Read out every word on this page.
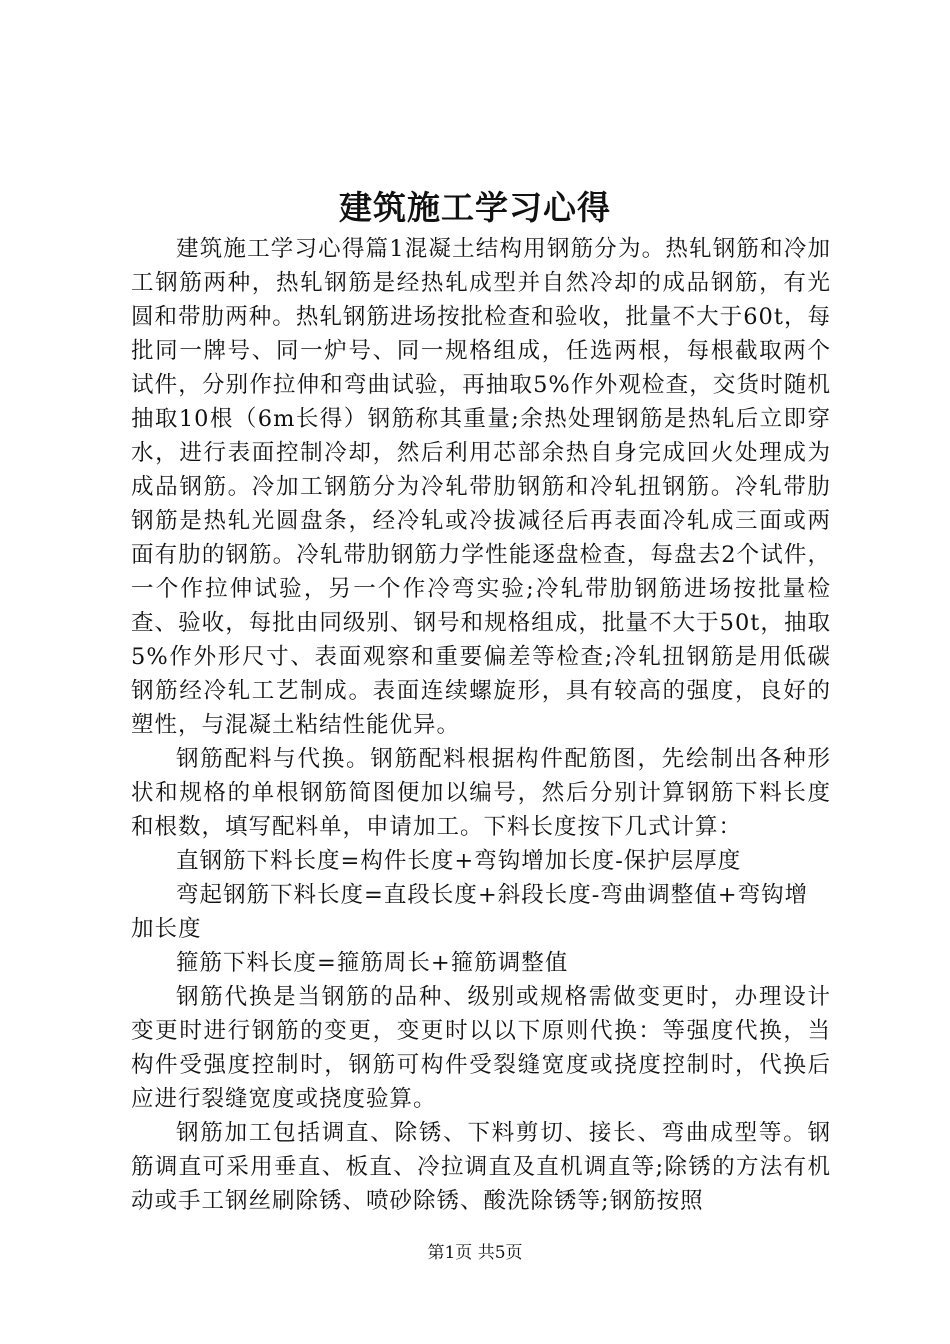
建筑施工学习心得

建筑施工学习心得篇1混凝土结构用钢筋分为。热轧钢筋和冷加工钢筋两种，热轧钢筋是经热轧成型并自然冷却的成品钢筋，有光圆和带肋两种。热轧钢筋进场按批检查和验收，批量不大于60t，每批同一牌号、同一炉号、同一规格组成，任选两根，每根截取两个试件，分别作拉伸和弯曲试验，再抽取5%作外观检查，交货时随机抽取10根（6m长得）钢筋称其重量;余热处理钢筋是热轧后立即穿水，进行表面控制冷却，然后利用芯部余热自身完成回火处理成为成品钢筋。冷加工钢筋分为冷轧带肋钢筋和冷轧扭钢筋。冷轧带肋钢筋是热轧光圆盘条，经冷轧或冷拔减径后再表面冷轧成三面或两面有肋的钢筋。冷轧带肋钢筋力学性能逐盘检查，每盘去2个试件，一个作拉伸试验，另一个作冷弯实验;冷轧带肋钢筋进场按批量检查、验收，每批由同级别、钢号和规格组成，批量不大于50t，抽取5%作外形尺寸、表面观察和重要偏差等检查;冷轧扭钢筋是用低碳钢筋经冷轧工艺制成。表面连续螺旋形，具有较高的强度，良好的塑性，与混凝土粘结性能优异。

钢筋配料与代换。钢筋配料根据构件配筋图，先绘制出各种形状和规格的单根钢筋简图便加以编号，然后分别计算钢筋下料长度和根数，填写配料单，申请加工。下料长度按下几式计算：

直钢筋下料长度=构件长度+弯钩增加长度-保护层厚度

弯起钢筋下料长度=直段长度+斜段长度-弯曲调整值+弯钩增加长度

箍筋下料长度=箍筋周长+箍筋调整值

钢筋代换是当钢筋的品种、级别或规格需做变更时，办理设计变更时进行钢筋的变更，变更时以以下原则代换：等强度代换，当构件受强度控制时，钢筋可构件受裂缝宽度或挠度控制时，代换后应进行裂缝宽度或挠度验算。

钢筋加工包括调直、除锈、下料剪切、接长、弯曲成型等。钢筋调直可采用垂直、板直、冷拉调直及直机调直等;除锈的方法有机动或手工钢丝刷除锈、喷砂除锈、酸洗除锈等;钢筋按照

第1页 共5页
